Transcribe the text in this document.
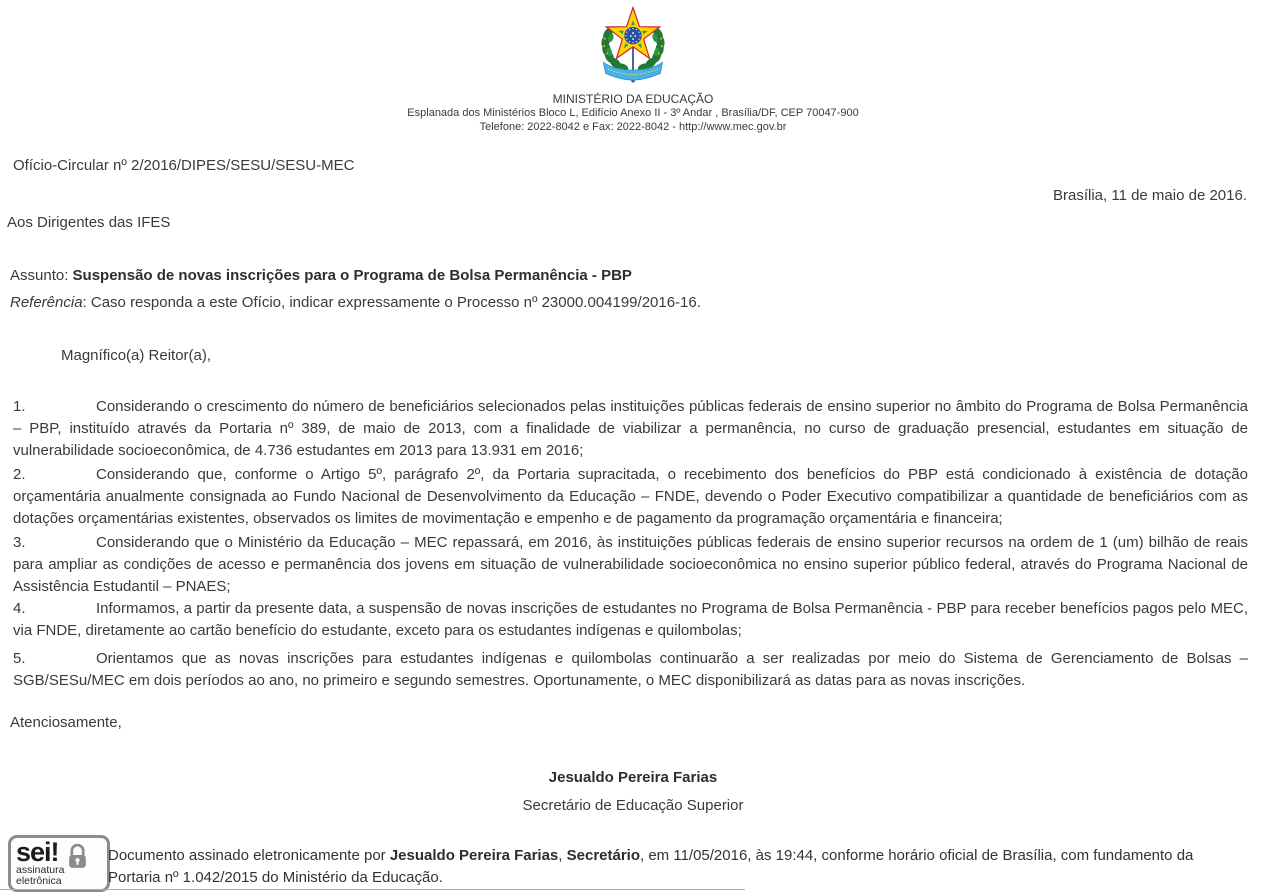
MINISTÉRIO DA EDUCAÇÃO
Esplanada dos Ministérios Bloco L, Edifício Anexo II - 3º Andar , Brasília/DF, CEP 70047-900
Telefone: 2022-8042 e Fax: 2022-8042 - http://www.mec.gov.br
Ofício-Circular nº 2/2016/DIPES/SESU/SESU-MEC
Brasília, 11 de maio de 2016.
Aos Dirigentes das IFES
Assunto: Suspensão de novas inscrições para o Programa de Bolsa Permanência - PBP
Referência: Caso responda a este Ofício, indicar expressamente o Processo nº 23000.004199/2016-16.
Magnífico(a) Reitor(a),

1.	Considerando o crescimento do número de beneficiários selecionados pelas instituições públicas federais de ensino superior no âmbito do Programa de Bolsa Permanência – PBP, instituído através da Portaria nº 389, de maio de 2013, com a finalidade de viabilizar a permanência, no curso de graduação presencial, estudantes em situação de vulnerabilidade socioeconômica, de 4.736 estudantes em 2013 para 13.931 em 2016;

2.	Considerando que, conforme o Artigo 5º, parágrafo 2º, da Portaria supracitada, o recebimento dos benefícios do PBP está condicionado à existência de dotação orçamentária anualmente consignada ao Fundo Nacional de Desenvolvimento da Educação – FNDE, devendo o Poder Executivo compatibilizar a quantidade de beneficiários com as dotações orçamentárias existentes, observados os limites de movimentação e empenho e de pagamento da programação orçamentária e financeira;

3.	Considerando que o Ministério da Educação – MEC repassará, em 2016, às instituições públicas federais de ensino superior recursos na ordem de 1 (um) bilhão de reais para ampliar as condições de acesso e permanência dos jovens em situação de vulnerabilidade socioeconômica no ensino superior público federal, através do Programa Nacional de Assistência Estudantil – PNAES;

4.	Informamos, a partir da presente data, a suspensão de novas inscrições de estudantes no Programa de Bolsa Permanência - PBP para receber benefícios pagos pelo MEC, via FNDE, diretamente ao cartão benefício do estudante, exceto para os estudantes indígenas e quilombolas;

5.	Orientamos que as novas inscrições para estudantes indígenas e quilombolas continuarão a ser realizadas por meio do Sistema de Gerenciamento de Bolsas – SGB/SESu/MEC em dois períodos ao ano, no primeiro e segundo semestres. Oportunamente, o MEC disponibilizará as datas para as novas inscrições.

Atenciosamente,
Jesualdo Pereira Farias
Secretário de Educação Superior
sei!
assinatura
eletrônica
Documento assinado eletronicamente por Jesualdo Pereira Farias, Secretário, em 11/05/2016, às 19:44, conforme horário oficial de Brasília, com fundamento da Portaria nº 1.042/2015 do Ministério da Educação.
